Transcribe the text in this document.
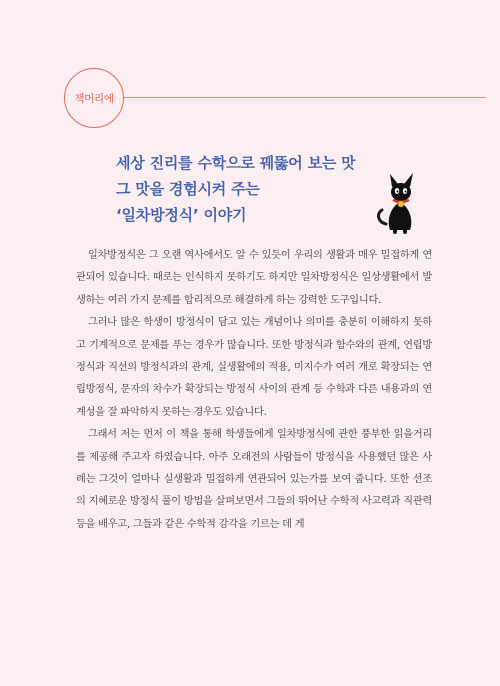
책머리에
세상 진리를 수학으로 꿰뚫어 보는 맛
그 맛을 경험시켜 주는
‘일차방정식’ 이야기

일차방정식은 그 오랜 역사에서도 알 수 있듯이 우리의 생활과 매우 밀접하게 연관되어 있습니다. 때로는 인식하지 못하기도 하지만 일차방정식은 일상생활에서 발생하는 여러 가지 문제를 합리적으로 해결하게 하는 강력한 도구입니다.

그러나 많은 학생이 방정식이 담고 있는 개념이나 의미를 충분히 이해하지 못하고 기계적으로 문제를 푸는 경우가 많습니다. 또한 방정식과 함수와의 관계, 연립방정식과 직선의 방정식과의 관계, 실생활에의 적용, 미지수가 여러 개로 확장되는 연립방정식, 문자의 차수가 확장되는 방정식 사이의 관계 등 수학과 다른 내용과의 연계성을 잘 파악하지 못하는 경우도 있습니다.

그래서 저는 먼저 이 책을 통해 학생들에게 일차방정식에 관한 풍부한 읽을거리를 제공해 주고자 하였습니다. 아주 오래전의 사람들이 방정식을 사용했던 많은 사례는 그것이 얼마나 실생활과 밀접하게 연관되어 있는가를 보여 줍니다. 또한 선조의 지혜로운 방정식 풀이 방법을 살펴보면서 그들의 뛰어난 수학적 사고력과 직관력 등을 배우고, 그들과 같은 수학적 감각을 기르는 데 게
